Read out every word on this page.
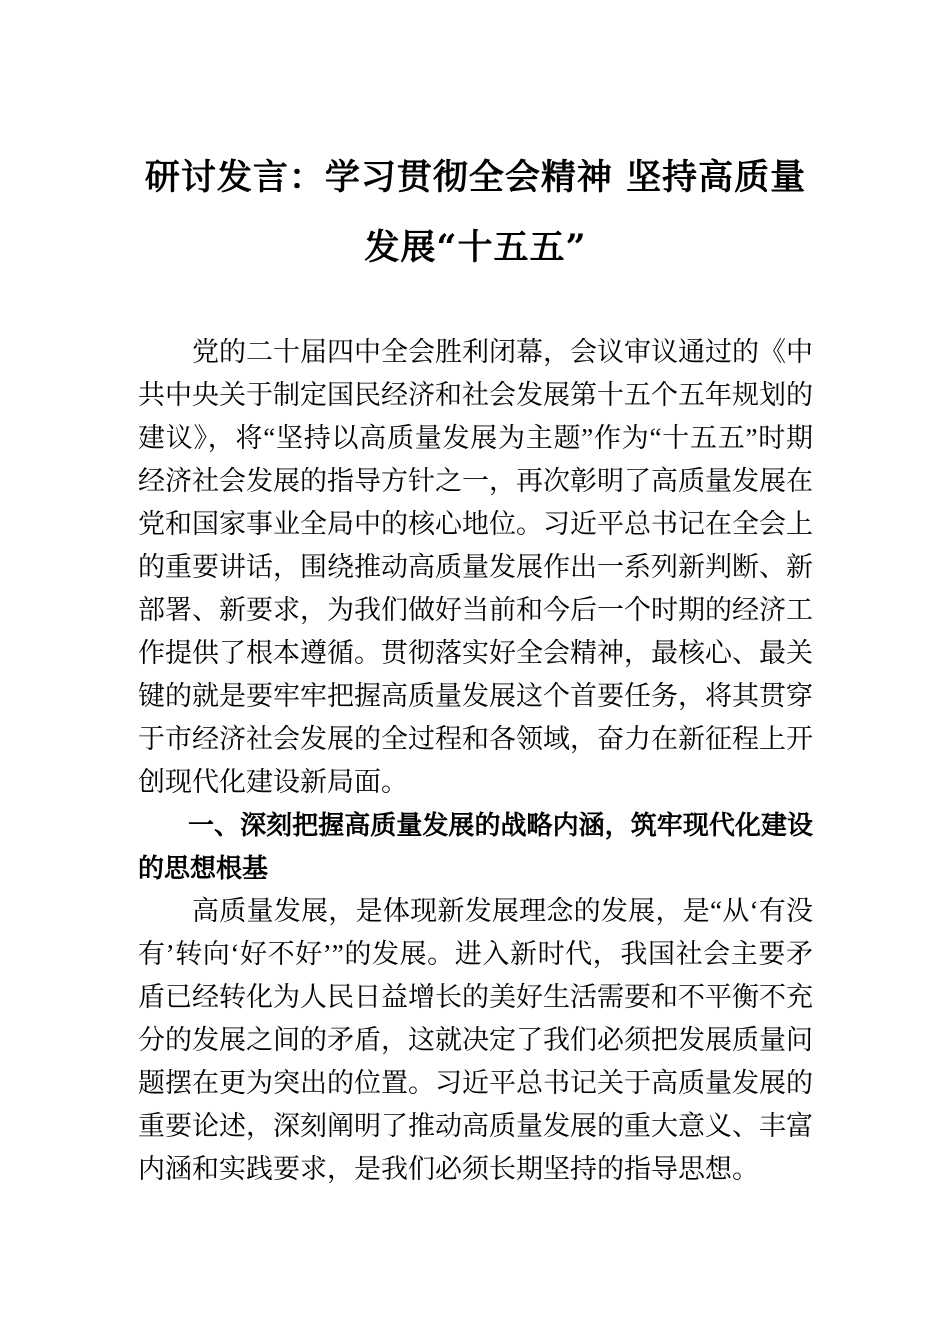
研讨发言：学习贯彻全会精神 坚持高质量
发展“十五五”

党的二十届四中全会胜利闭幕，会议审议通过的《中共中央关于制定国民经济和社会发展第十五个五年规划的建议》，将“坚持以高质量发展为主题”作为“十五五”时期经济社会发展的指导方针之一，再次彰明了高质量发展在党和国家事业全局中的核心地位。习近平总书记在全会上的重要讲话，围绕推动高质量发展作出一系列新判断、新部署、新要求，为我们做好当前和今后一个时期的经济工作提供了根本遵循。贯彻落实好全会精神，最核心、最关键的就是要牢牢把握高质量发展这个首要任务，将其贯穿于市经济社会发展的全过程和各领域，奋力在新征程上开创现代化建设新局面。

一、深刻把握高质量发展的战略内涵，筑牢现代化建设的思想根基

高质量发展，是体现新发展理念的发展，是“从‘有没有’转向‘好不好’”的发展。进入新时代，我国社会主要矛盾已经转化为人民日益增长的美好生活需要和不平衡不充分的发展之间的矛盾，这就决定了我们必须把发展质量问题摆在更为突出的位置。习近平总书记关于高质量发展的重要论述，深刻阐明了推动高质量发展的重大意义、丰富内涵和实践要求，是我们必须长期坚持的指导思想。
